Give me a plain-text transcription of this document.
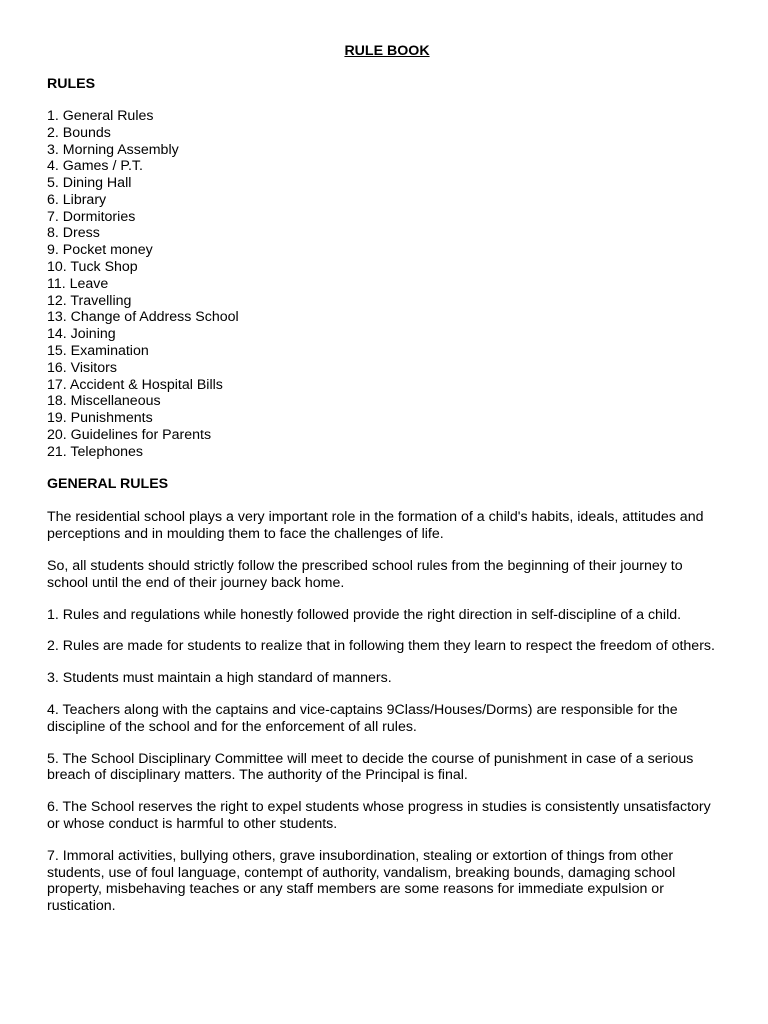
RULE BOOK
RULES
1. General Rules
2. Bounds
3. Morning Assembly
4. Games / P.T.
5. Dining Hall
6. Library
7. Dormitories
8. Dress
9. Pocket money
10. Tuck Shop
11. Leave
12. Travelling
13. Change of Address School
14. Joining
15. Examination
16. Visitors
17. Accident & Hospital Bills
18. Miscellaneous
19. Punishments
20. Guidelines for Parents
21. Telephones
GENERAL RULES

The residential school plays a very important role in the formation of a child's habits, ideals, attitudes and perceptions and in moulding them to face the challenges of life.

So, all students should strictly follow the prescribed school rules from the beginning of their journey to school until the end of their journey back home.

1. Rules and regulations while honestly followed provide the right direction in self-discipline of a child.

2. Rules are made for students to realize that in following them they learn to respect the freedom of others.

3. Students must maintain a high standard of manners.

4. Teachers along with the captains and vice-captains 9Class/Houses/Dorms) are responsible for the discipline of the school and for the enforcement of all rules.

5. The School Disciplinary Committee will meet to decide the course of punishment in case of a serious breach of disciplinary matters. The authority of the Principal is final.

6. The School reserves the right to expel students whose progress in studies is consistently unsatisfactory or whose conduct is harmful to other students.

7. Immoral activities, bullying others, grave insubordination, stealing or extortion of things from other students, use of foul language, contempt of authority, vandalism, breaking bounds, damaging school property, misbehaving teaches or any staff members are some reasons for immediate expulsion or rustication.
